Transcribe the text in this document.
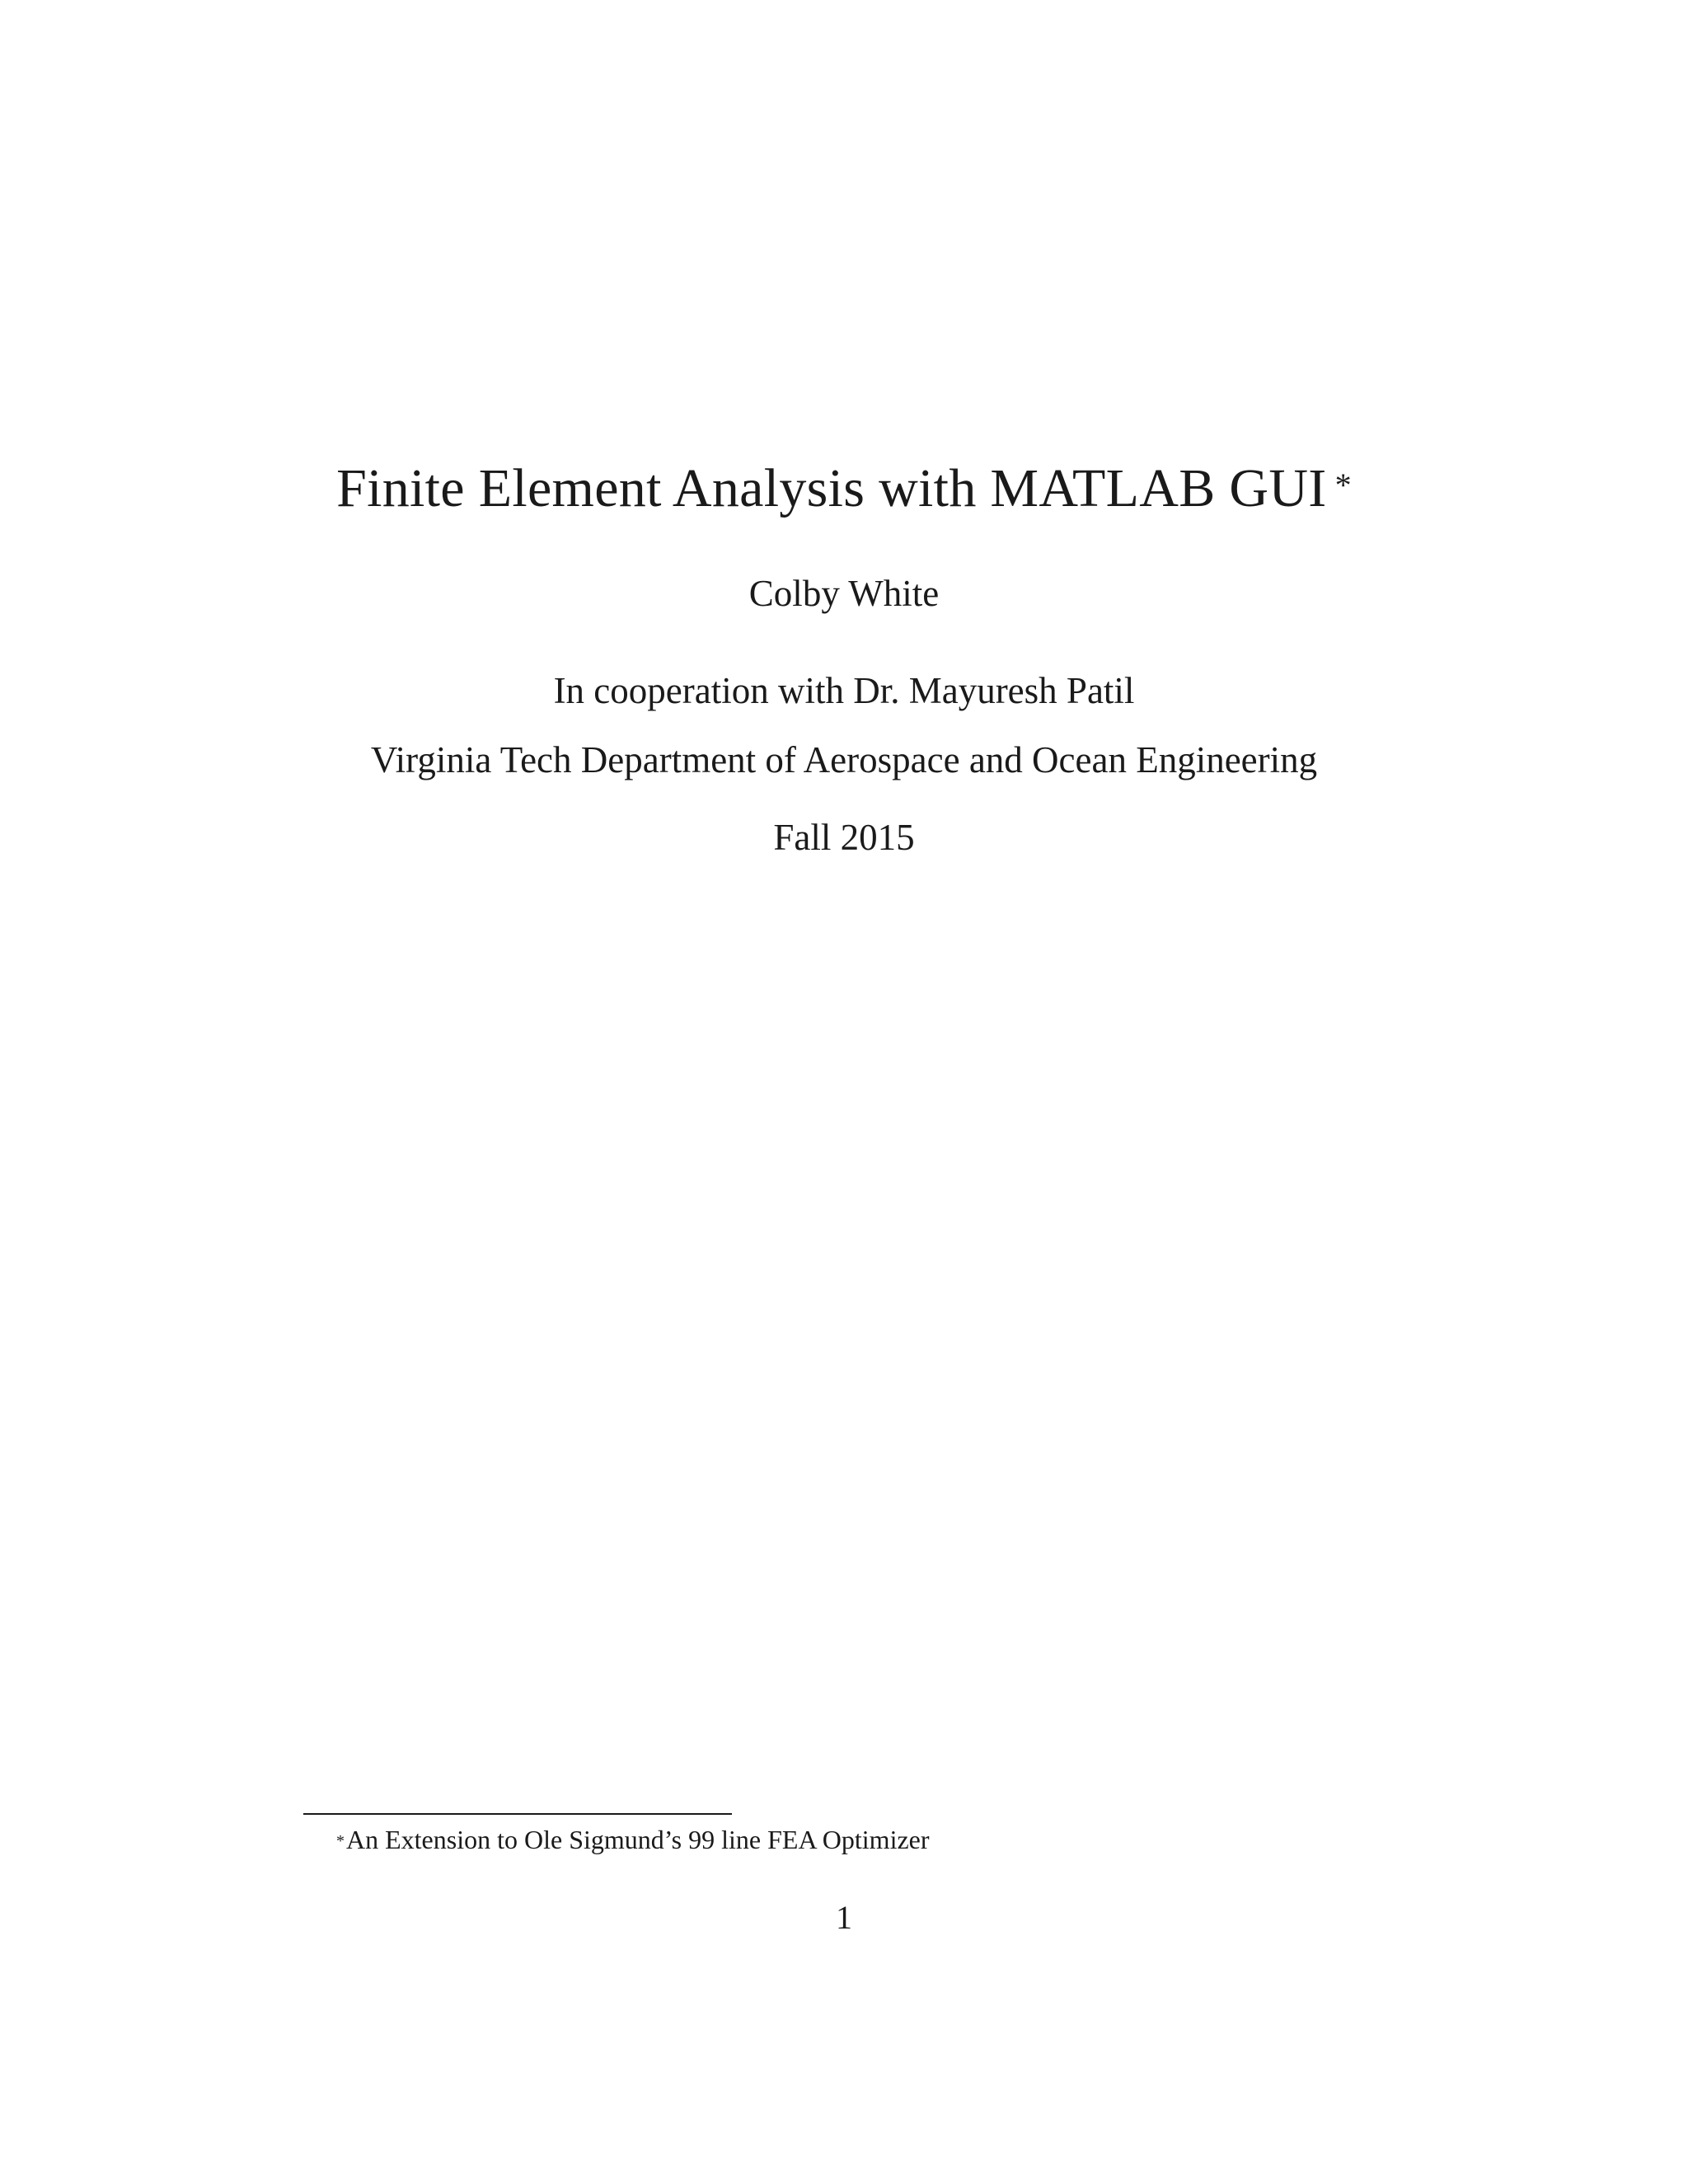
Finite Element Analysis with MATLAB GUI *
Colby White
In cooperation with Dr. Mayuresh Patil
Virginia Tech Department of Aerospace and Ocean Engineering
Fall 2015
*An Extension to Ole Sigmund’s 99 line FEA Optimizer
1
